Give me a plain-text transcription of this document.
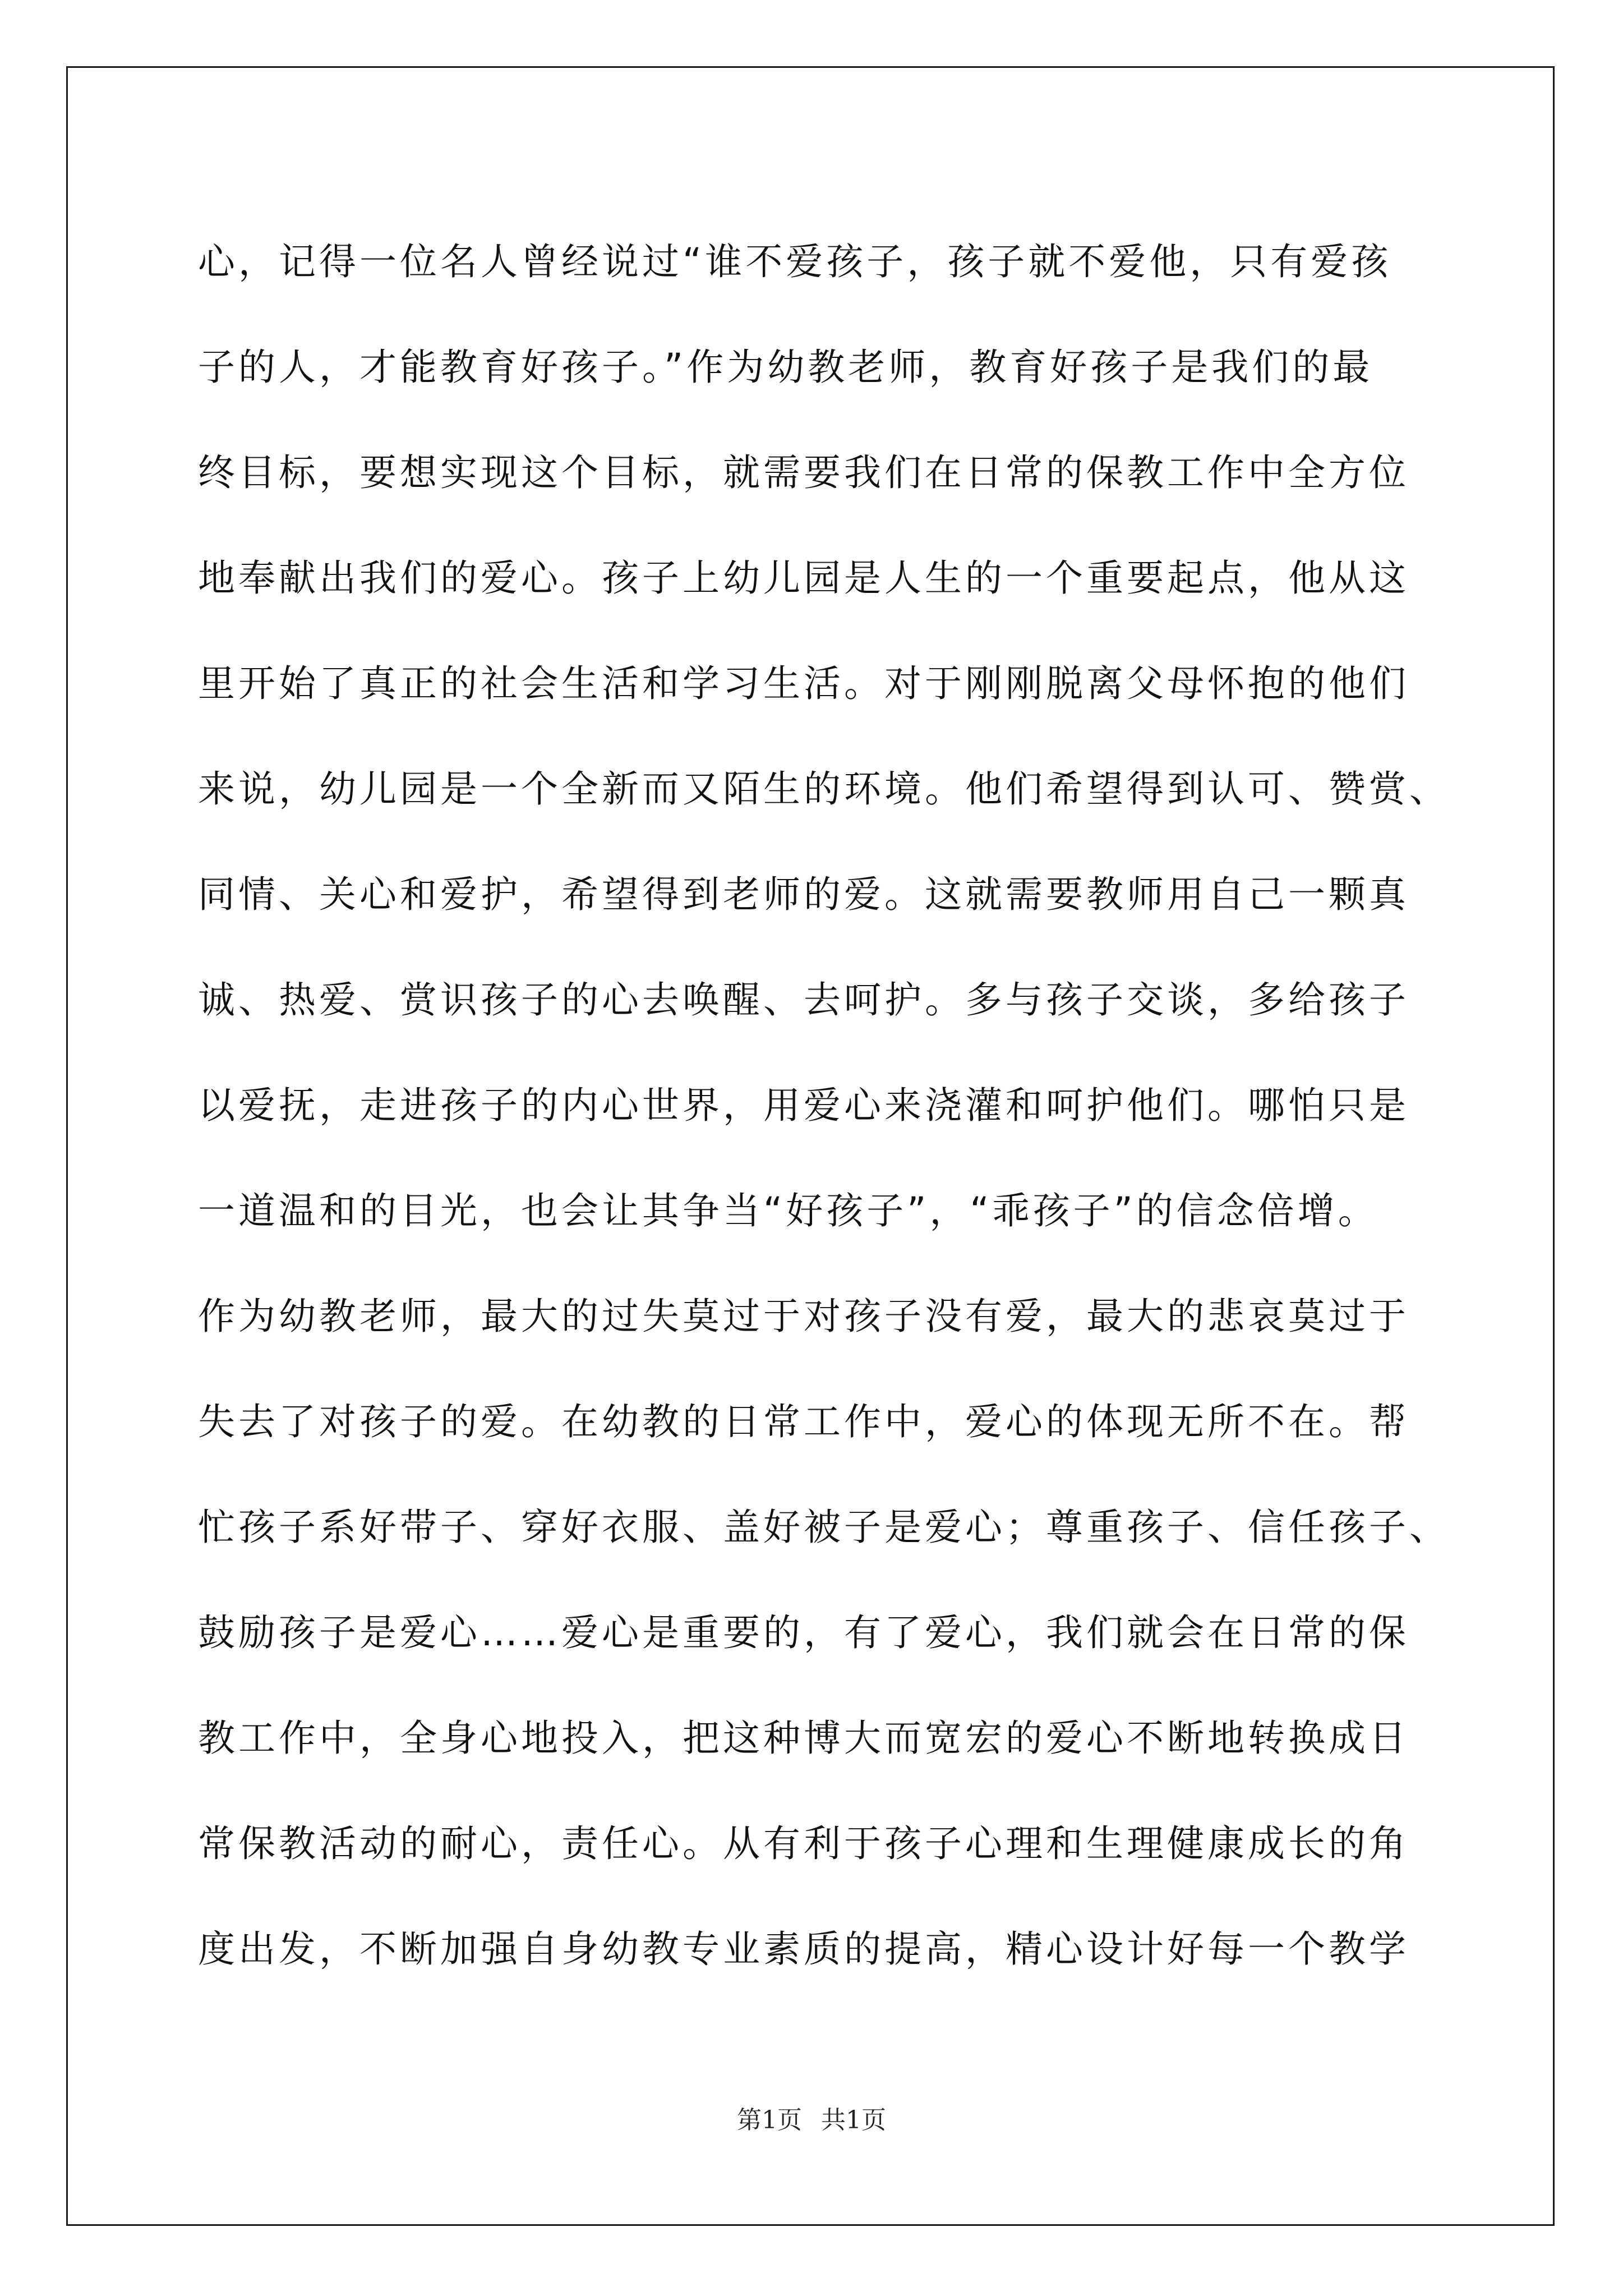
心，记得一位名人曾经说过“谁不爱孩子，孩子就不爱他，只有爱孩
子的人，才能教育好孩子。”作为幼教老师，教育好孩子是我们的最
终目标，要想实现这个目标，就需要我们在日常的保教工作中全方位
地奉献出我们的爱心。孩子上幼儿园是人生的一个重要起点，他从这
里开始了真正的社会生活和学习生活。对于刚刚脱离父母怀抱的他们
来说，幼儿园是一个全新而又陌生的环境。他们希望得到认可、赞赏、
同情、关心和爱护，希望得到老师的爱。这就需要教师用自己一颗真
诚、热爱、赏识孩子的心去唤醒、去呵护。多与孩子交谈，多给孩子
以爱抚，走进孩子的内心世界，用爱心来浇灌和呵护他们。哪怕只是
一道温和的目光，也会让其争当“好孩子”，“乖孩子”的信念倍增。
作为幼教老师，最大的过失莫过于对孩子没有爱，最大的悲哀莫过于
失去了对孩子的爱。在幼教的日常工作中，爱心的体现无所不在。帮
忙孩子系好带子、穿好衣服、盖好被子是爱心；尊重孩子、信任孩子、
鼓励孩子是爱心……爱心是重要的，有了爱心，我们就会在日常的保
教工作中，全身心地投入，把这种博大而宽宏的爱心不断地转换成日
常保教活动的耐心，责任心。从有利于孩子心理和生理健康成长的角
度出发，不断加强自身幼教专业素质的提高，精心设计好每一个教学
第1页 共1页
